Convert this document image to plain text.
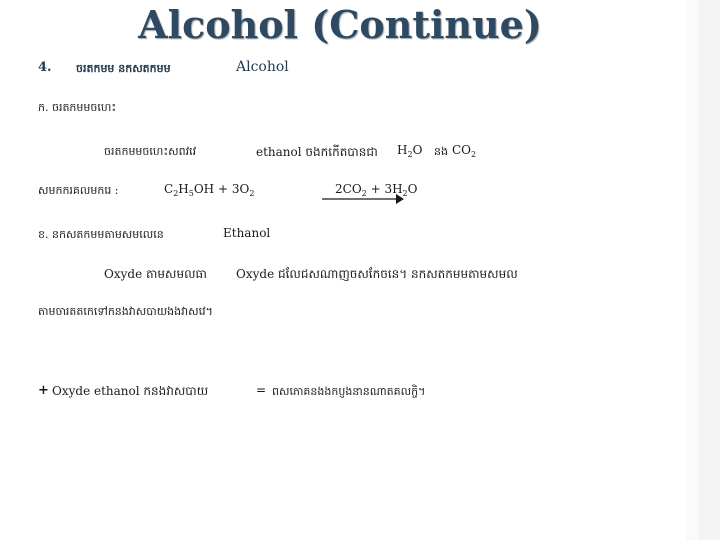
Alcohol (Continue)
4. ចរតកមម នកសតកមម	Alcohol
ក. ចរតកមមចហេះ
ចរតកមមចហេះសពវវេ	ethanol ចងកកើតបានជា $H_2O$ នង $CO_2$
សមកករគលមករេ :	$C_2H_5OH + 3O_2$	$2CO_2 + 3H_2O$
ខ. នកសតកមមតាមសមលេនេ	Ethanol
Oxyde តាមសមលធា Oxyde ជលែជសណាញចសកែចនេ។ នកសតកមមតាមសមល
តាមចារតតកេទៅកនងវាសបាយងងវាសវេ។
+ Oxyde ethanol កនងវាសបាយ	= ពសភោគនងងកប្ញងនានណាតគលក្ចិ។
